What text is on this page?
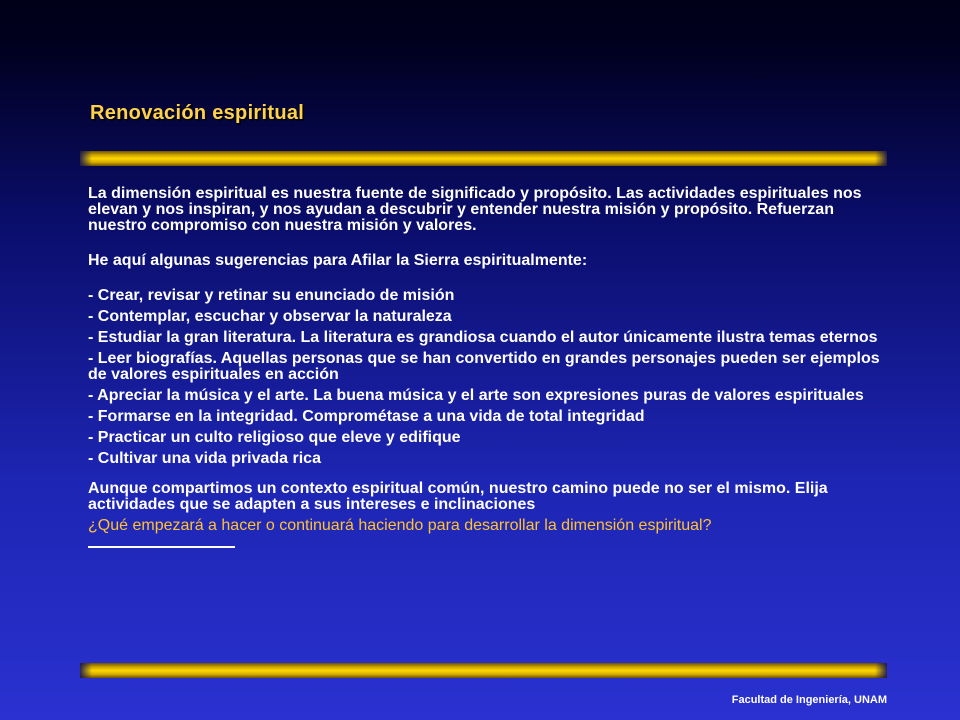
Renovación espiritual

La dimensión espiritual es nuestra fuente de significado y propósito. Las actividades espirituales nos elevan y nos inspiran, y nos ayudan a descubrir y entender nuestra misión y propósito. Refuerzan nuestro compromiso con nuestra misión y valores.

He aquí algunas sugerencias para Afilar la Sierra espiritualmente:

- Crear, revisar y retinar su enunciado de misión

- Contemplar, escuchar y observar la naturaleza

- Estudiar la gran literatura. La literatura es grandiosa cuando el autor únicamente ilustra temas eternos

- Leer biografías. Aquellas personas que se han convertido en grandes personajes pueden ser ejemplos de valores espirituales en acción

- Apreciar la música y el arte. La buena música y el arte son expresiones puras de valores espirituales

- Formarse en la integridad. Comprométase a una vida de total integridad

- Practicar un culto religioso que eleve y edifique

- Cultivar una vida privada rica

Aunque compartimos un contexto espiritual común, nuestro camino puede no ser el mismo. Elija actividades que se adapten a sus intereses e inclinaciones

¿Qué empezará a hacer o continuará haciendo para desarrollar la dimensión espiritual?

Facultad de Ingeniería, UNAM
